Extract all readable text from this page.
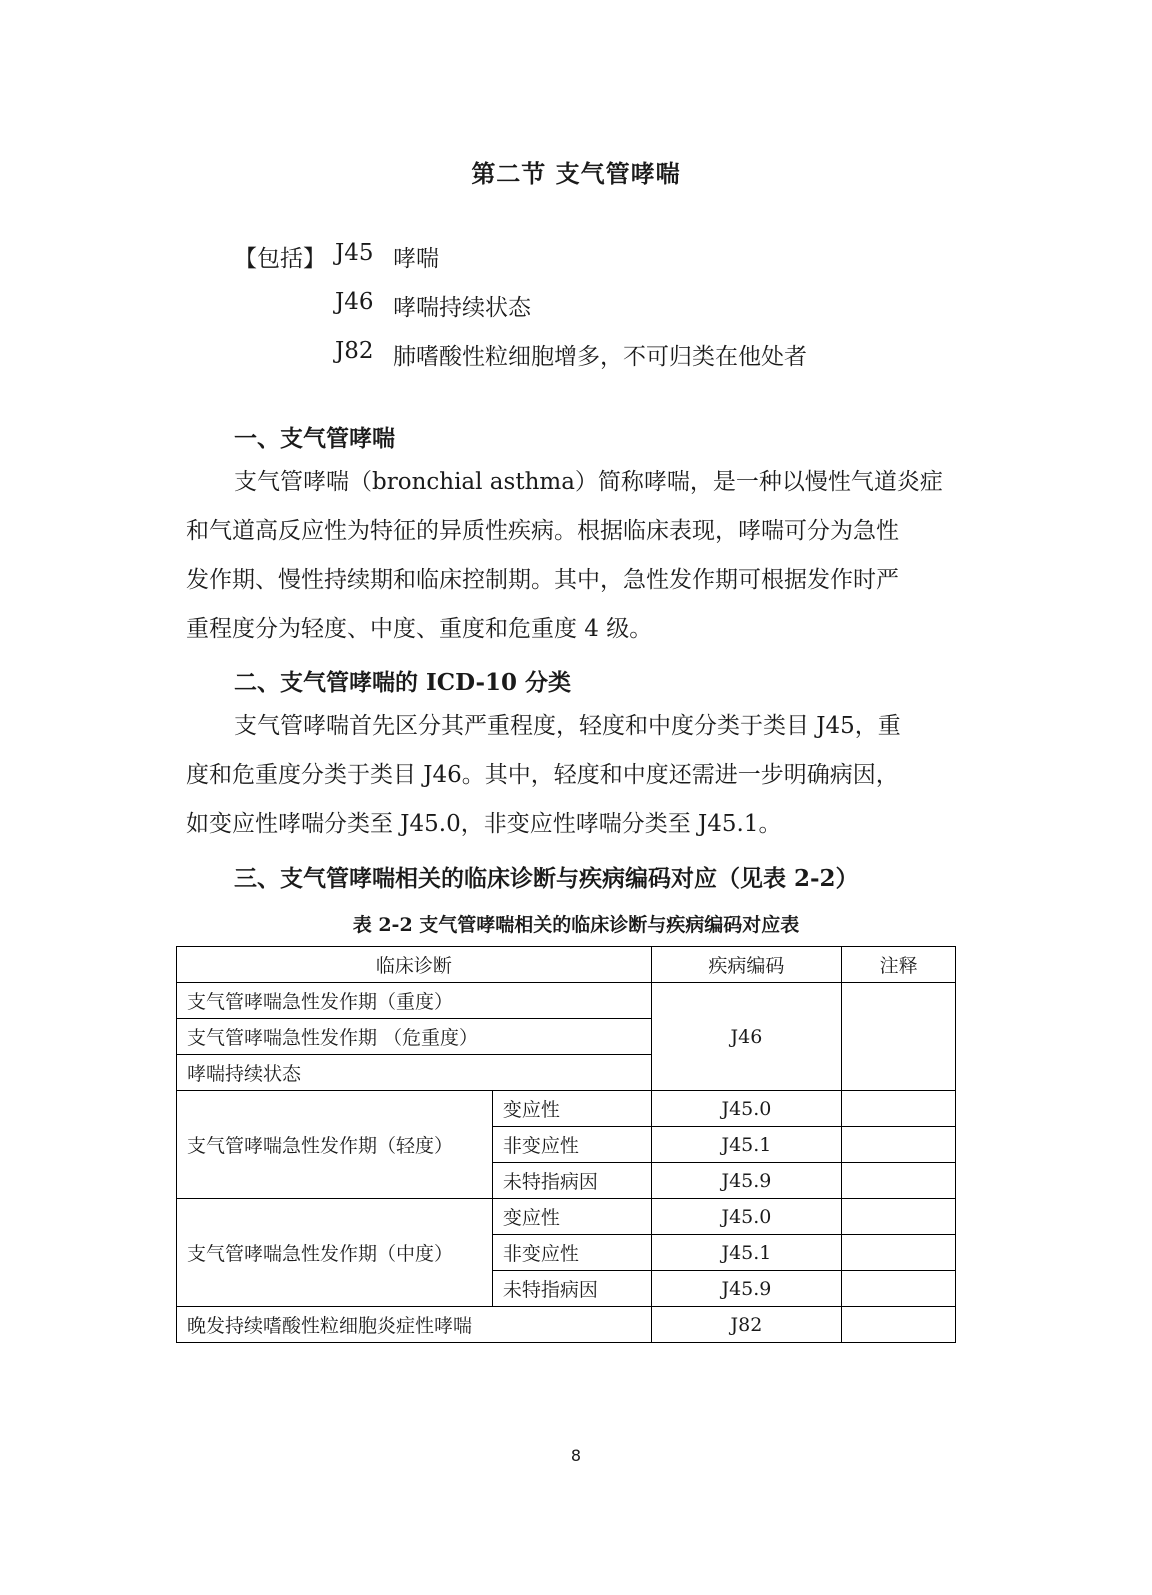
第二节 支气管哮喘
【包括】 J45 哮喘
J46 哮喘持续状态
J82 肺嗜酸性粒细胞增多，不可归类在他处者
一、支气管哮喘
支气管哮喘（bronchial asthma）简称哮喘，是一种以慢性气道炎症
和气道高反应性为特征的异质性疾病。根据临床表现，哮喘可分为急性
发作期、慢性持续期和临床控制期。其中，急性发作期可根据发作时严
重程度分为轻度、中度、重度和危重度 4 级。
二、支气管哮喘的 ICD-10 分类
支气管哮喘首先区分其严重程度，轻度和中度分类于类目 J45，重
度和危重度分类于类目 J46。其中，轻度和中度还需进一步明确病因，
如变应性哮喘分类至 J45.0，非变应性哮喘分类至 J45.1。
三、支气管哮喘相关的临床诊断与疾病编码对应（见表 2-2）
表 2-2 支气管哮喘相关的临床诊断与疾病编码对应表
临床诊断		疾病编码	注释
支气管哮喘急性发作期（重度）		J46	
支气管哮喘急性发作期 （危重度）			
哮喘持续状态			
支气管哮喘急性发作期（轻度）	变应性	J45.0	
	非变应性	J45.1	
	未特指病因	J45.9	
支气管哮喘急性发作期（中度）	变应性	J45.0	
	非变应性	J45.1	
	未特指病因	J45.9	
晚发持续嗜酸性粒细胞炎症性哮喘		J82	
8
